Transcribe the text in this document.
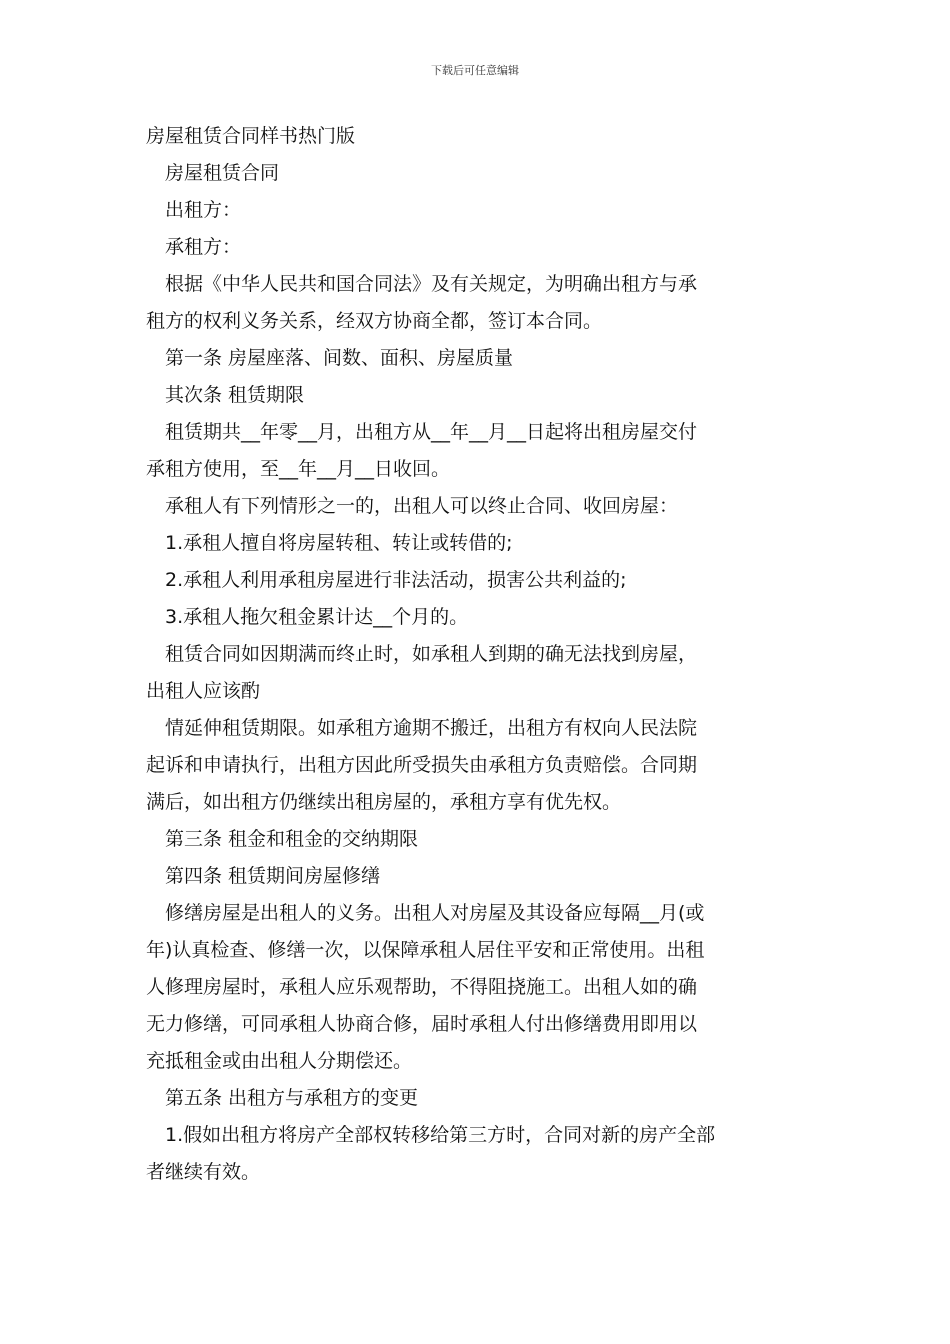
下载后可任意编辑

房屋租赁合同样书热门版

房屋租赁合同

出租方：

承租方：

根据《中华人民共和国合同法》及有关规定，为明确出租方与承

租方的权利义务关系，经双方协商全都，签订本合同。

第一条 房屋座落、间数、面积、房屋质量

其次条 租赁期限

租赁期共__年零__月，出租方从__年__月__日起将出租房屋交付

承租方使用，至__年__月__日收回。

承租人有下列情形之一的，出租人可以终止合同、收回房屋：

1.承租人擅自将房屋转租、转让或转借的;

2.承租人利用承租房屋进行非法活动，损害公共利益的;

3.承租人拖欠租金累计达__个月的。

租赁合同如因期满而终止时，如承租人到期的确无法找到房屋，

出租人应该酌

情延伸租赁期限。如承租方逾期不搬迁，出租方有权向人民法院

起诉和申请执行，出租方因此所受损失由承租方负责赔偿。合同期

满后，如出租方仍继续出租房屋的，承租方享有优先权。

第三条 租金和租金的交纳期限

第四条 租赁期间房屋修缮

修缮房屋是出租人的义务。出租人对房屋及其设备应每隔__月(或

年)认真检查、修缮一次，以保障承租人居住平安和正常使用。出租

人修理房屋时，承租人应乐观帮助，不得阻挠施工。出租人如的确

无力修缮，可同承租人协商合修，届时承租人付出修缮费用即用以

充抵租金或由出租人分期偿还。

第五条 出租方与承租方的变更

1.假如出租方将房产全部权转移给第三方时，合同对新的房产全部

者继续有效。
